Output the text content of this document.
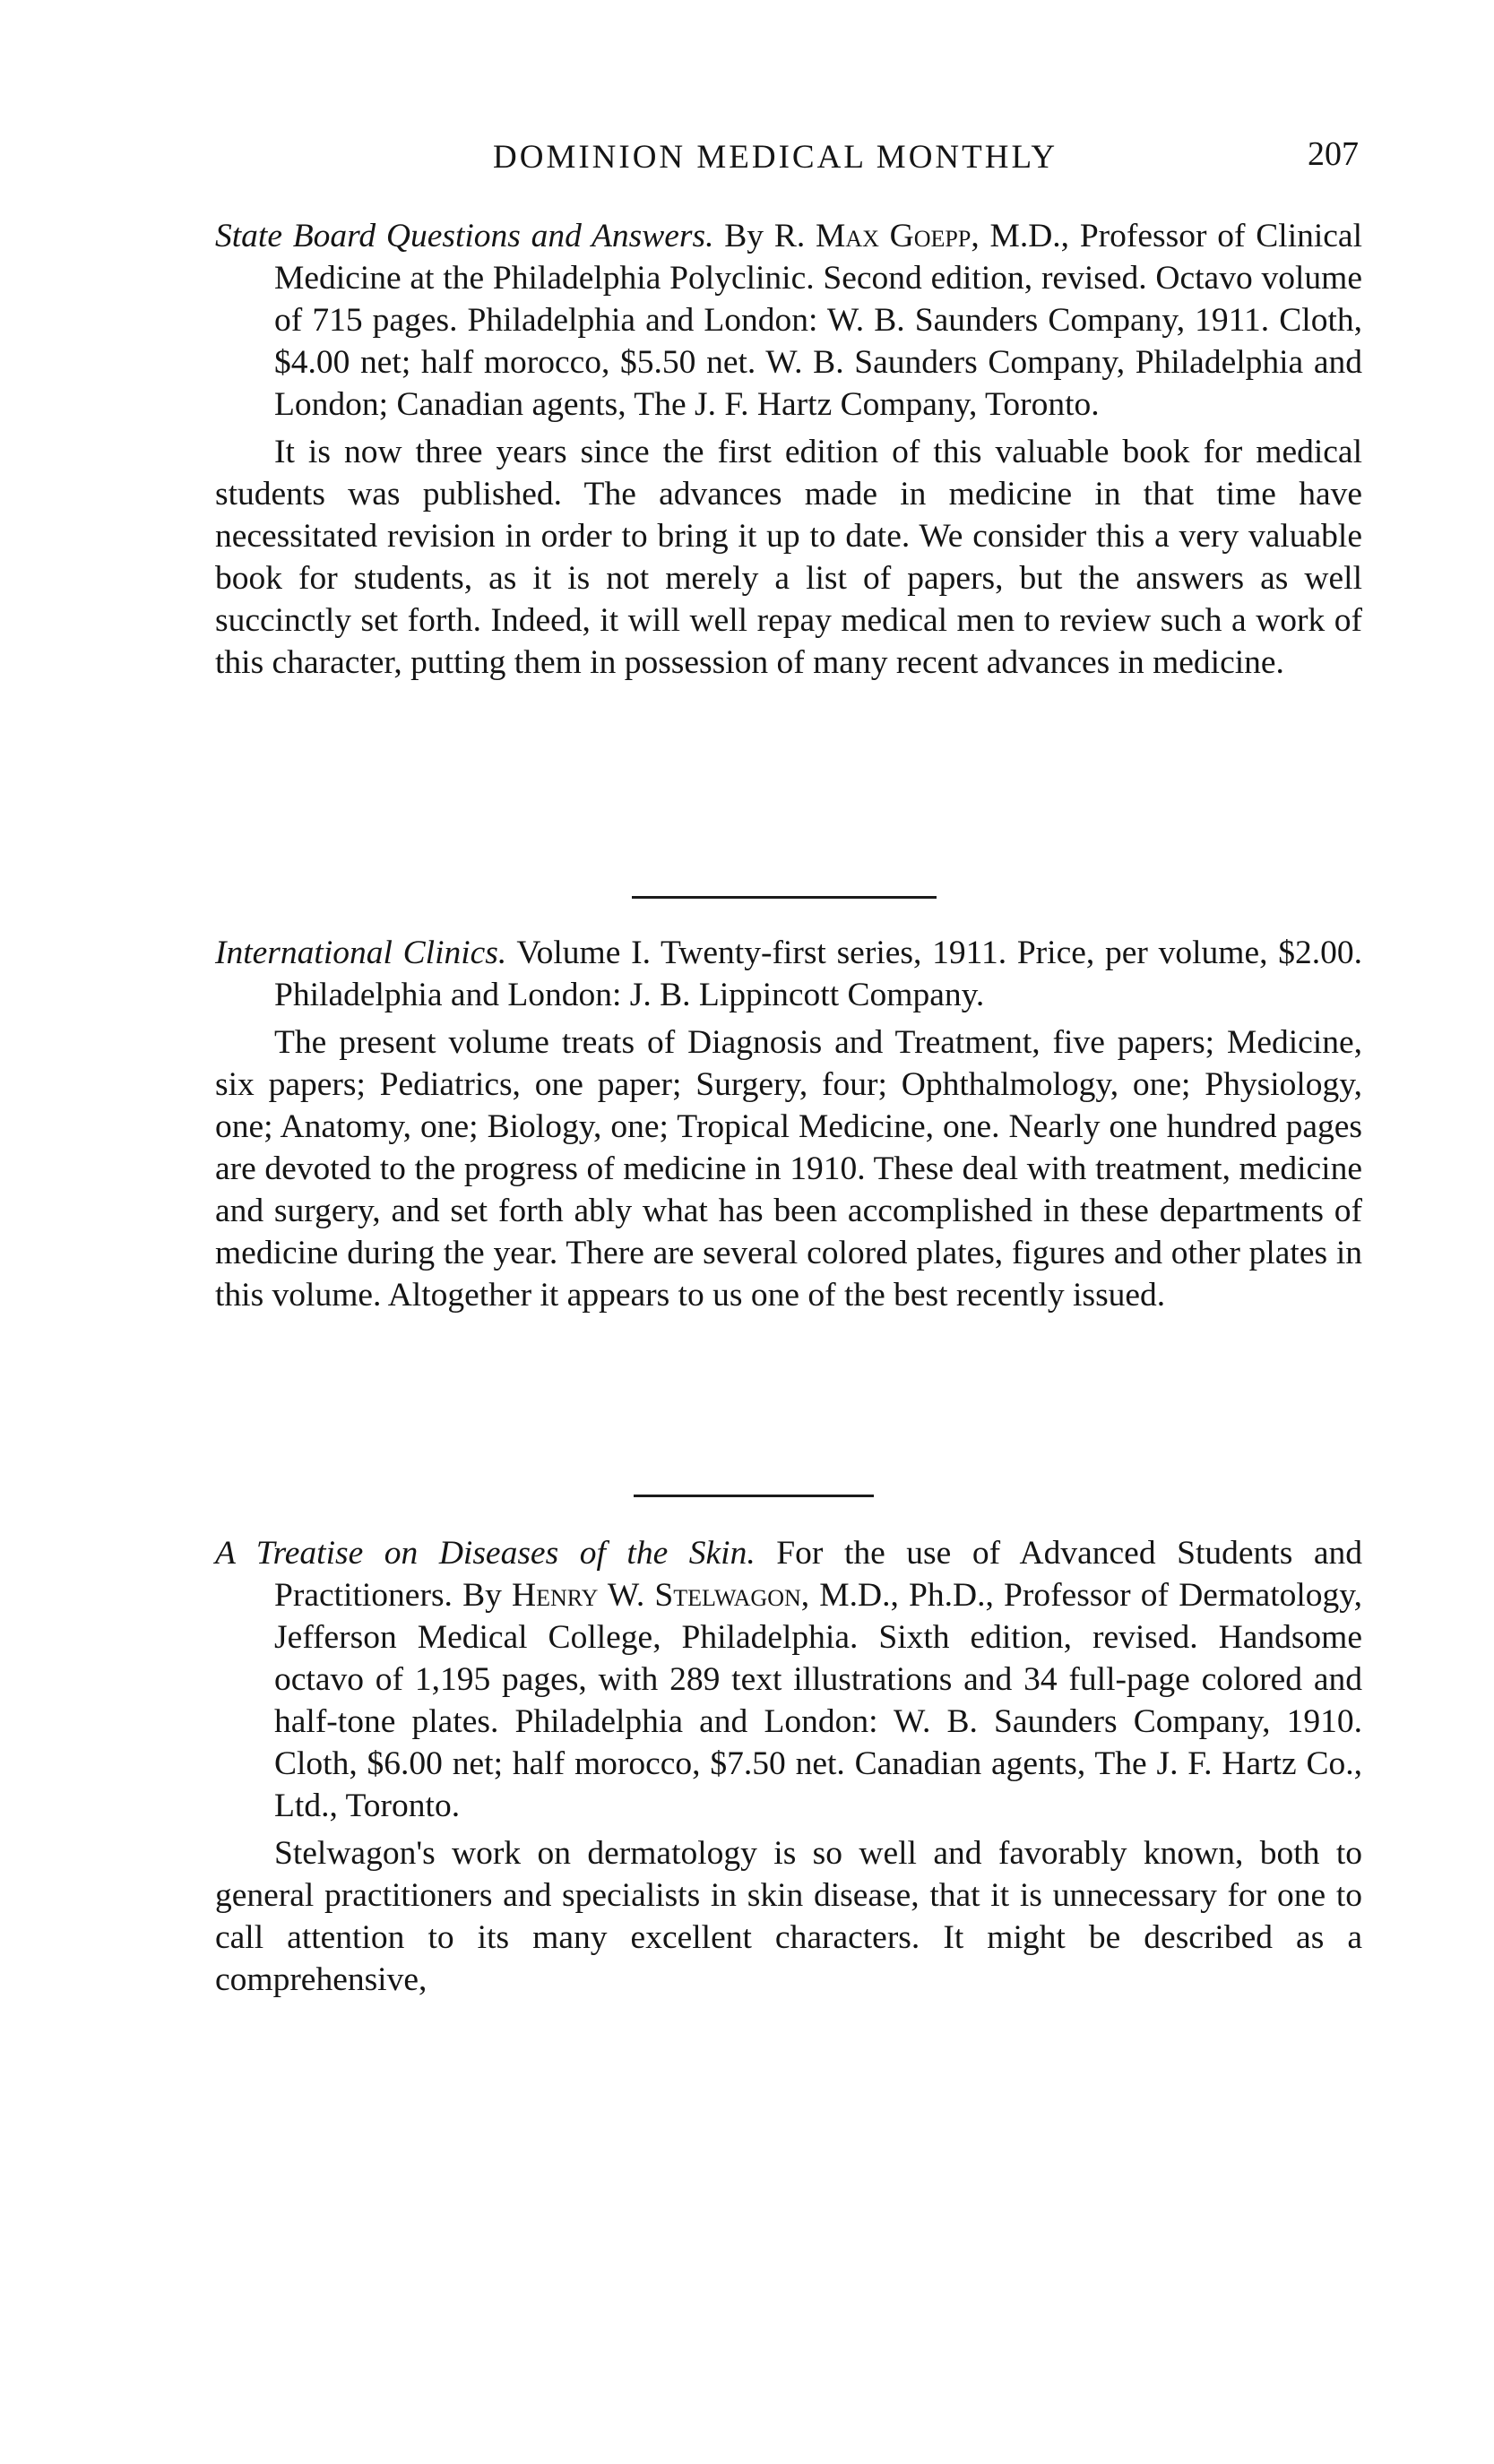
DOMINION MEDICAL MONTHLY	207

State Board Questions and Answers. By R. Max Goepp, M.D., Professor of Clinical Medicine at the Philadelphia Polyclinic. Second edition, revised. Octavo volume of 715 pages. Philadelphia and London: W. B. Saunders Company, 1911. Cloth, $4.00 net; half morocco, $5.50 net. W. B. Saunders Company, Philadelphia and London; Canadian agents, The J. F. Hartz Company, Toronto.

It is now three years since the first edition of this valuable book for medical students was published. The advances made in medicine in that time have necessitated revision in order to bring it up to date. We consider this a very valuable book for students, as it is not merely a list of papers, but the answers as well succinctly set forth. Indeed, it will well repay medical men to review such a work of this character, putting them in possession of many recent advances in medicine.

International Clinics. Volume I. Twenty-first series, 1911. Price, per volume, $2.00. Philadelphia and London: J. B. Lippincott Company.

The present volume treats of Diagnosis and Treatment, five papers; Medicine, six papers; Pediatrics, one paper; Surgery, four; Ophthalmology, one; Physiology, one; Anatomy, one; Biology, one; Tropical Medicine, one. Nearly one hundred pages are devoted to the progress of medicine in 1910. These deal with treatment, medicine and surgery, and set forth ably what has been accomplished in these departments of medicine during the year. There are several colored plates, figures and other plates in this volume. Altogether it appears to us one of the best recently issued.

A Treatise on Diseases of the Skin. For the use of Advanced Students and Practitioners. By Henry W. Stelwagon, M.D., Ph.D., Professor of Dermatology, Jefferson Medical College, Philadelphia. Sixth edition, revised. Handsome octavo of 1,195 pages, with 289 text illustrations and 34 full-page colored and half-tone plates. Philadelphia and London: W. B. Saunders Company, 1910. Cloth, $6.00 net; half morocco, $7.50 net. Canadian agents, The J. F. Hartz Co., Ltd., Toronto.

Stelwagon's work on dermatology is so well and favorably known, both to general practitioners and specialists in skin disease, that it is unnecessary for one to call attention to its many excellent characters. It might be described as a comprehensive,
